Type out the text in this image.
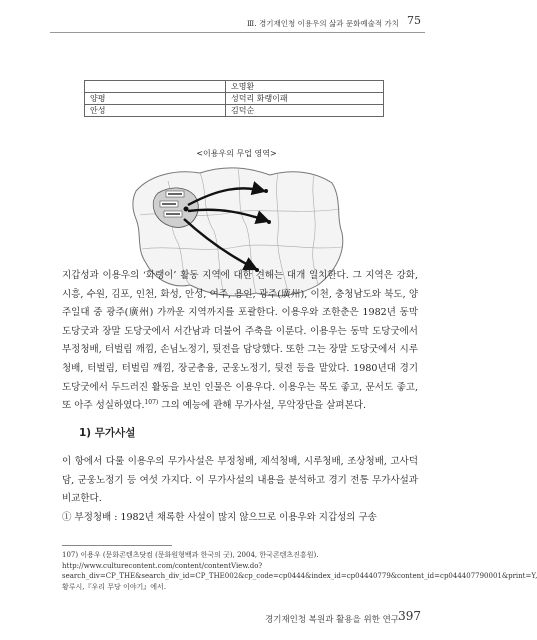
Ⅲ. 경기재인청 이용우의 삶과 문화예술적 가치 75
	오명환
양평	성덕리 화랭이패
안성	김덕순
<이용우의 무업 영역>

지갑성과 이용우의 ‘화랭이’ 활동 지역에 대한 견해는 대개 일치한다. 그 지역은 강화, 시흥, 수원, 김포, 인천, 화성, 안성, 여주, 용인, 광주(廣州), 이천, 충청남도와 북도, 양주일대 중 광주(廣州) 가까운 지역까지를 포괄한다. 이용우와 조한춘은 1982년 동막 도당굿과 장말 도당굿에서 서간남과 더불어 주축을 이룬다. 이용우는 동막 도당굿에서 부정청배, 터벌림 깨낌, 손님노정기, 뒷전을 담당했다. 또한 그는 장말 도당굿에서 시루청배, 터벌림, 터벌림 깨낌, 장군총융, 군웅노정기, 뒷전 등을 맡았다. 1980년대 경기 도당굿에서 두드러진 활동을 보인 인물은 이용우다. 이용우는 목도 좋고, 문서도 좋고, 또 아주 성실하였다.$^{107)}$ 그의 예능에 관해 무가사설, 무악장단을 살펴본다.

1) 무가사설

이 항에서 다룰 이용우의 무가사설은 부정청배, 제석청배, 시루청배, 조상청배, 고사덕담, 군웅노정기 등 여섯 가지다. 이 무가사설의 내용을 분석하고 경기 전통 무가사설과 비교한다.

① 부정청배 : 1982년 채록한 사설이 많지 않으므로 이용우와 지갑성의 구송

107) 이용우 (문화콘텐츠닷컴 (문화원형백과 한국의 굿), 2004, 한국콘텐츠진흥원). http://www.culturecontent.com/content/contentView.do?search_div=CP_THE&search_div_id=CP_THE002&cp_code=cp0444&index_id=cp04440779&content_id=cp044407790001&print=Y, 황루시,『우리 무당 이야기』에서.
경기재인청 복원과 활용을 위한 연구 397
